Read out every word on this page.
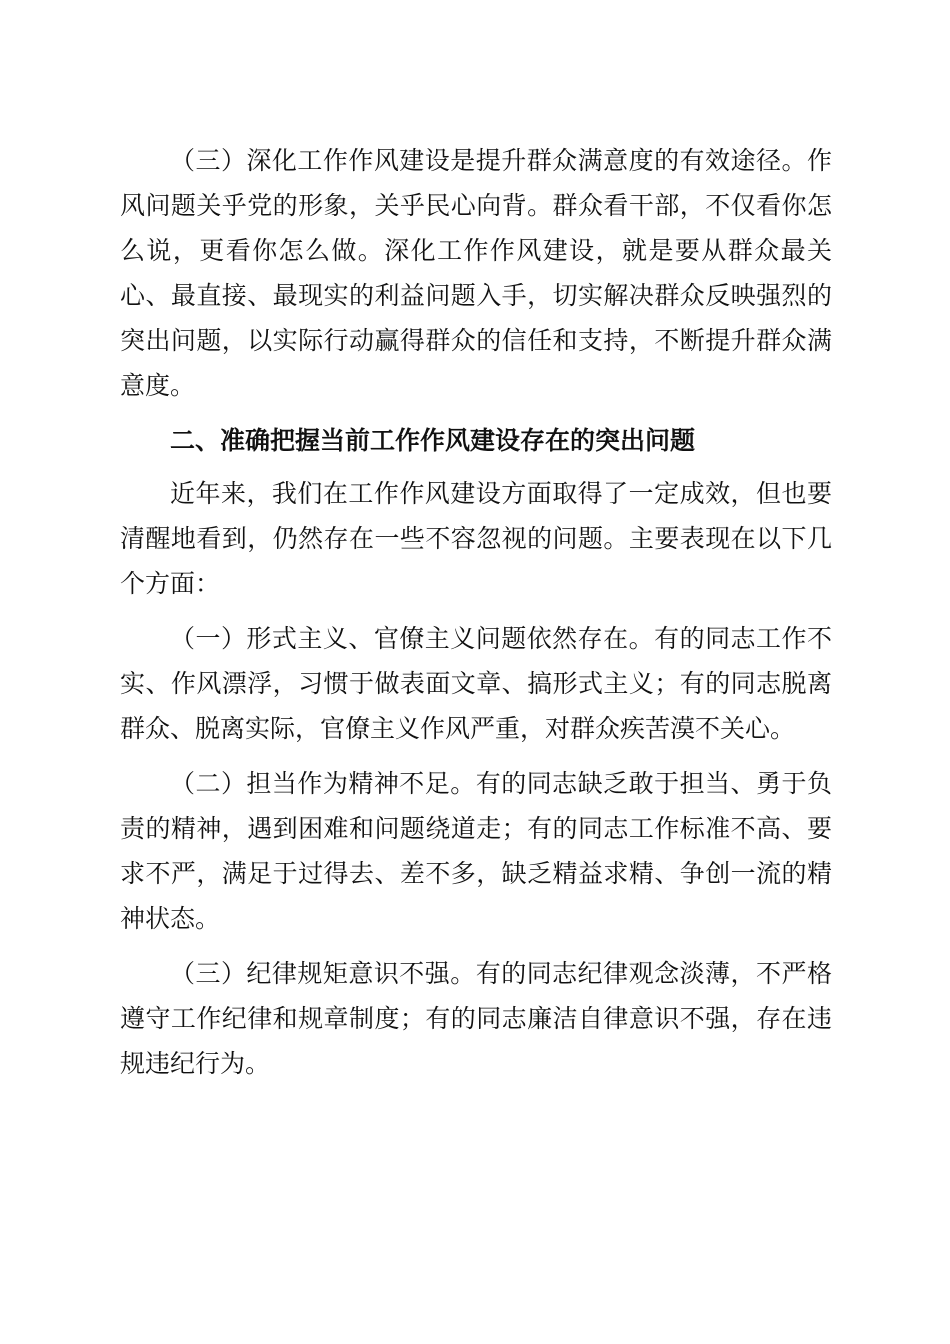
（三）深化工作作风建设是提升群众满意度的有效途径。作风问题关乎党的形象，关乎民心向背。群众看干部，不仅看你怎么说，更看你怎么做。深化工作作风建设，就是要从群众最关心、最直接、最现实的利益问题入手，切实解决群众反映强烈的突出问题，以实际行动赢得群众的信任和支持，不断提升群众满意度。

二、准确把握当前工作作风建设存在的突出问题

近年来，我们在工作作风建设方面取得了一定成效，但也要清醒地看到，仍然存在一些不容忽视的问题。主要表现在以下几个方面：

（一）形式主义、官僚主义问题依然存在。有的同志工作不实、作风漂浮，习惯于做表面文章、搞形式主义；有的同志脱离群众、脱离实际，官僚主义作风严重，对群众疾苦漠不关心。

（二）担当作为精神不足。有的同志缺乏敢于担当、勇于负责的精神，遇到困难和问题绕道走；有的同志工作标准不高、要求不严，满足于过得去、差不多，缺乏精益求精、争创一流的精神状态。

（三）纪律规矩意识不强。有的同志纪律观念淡薄，不严格遵守工作纪律和规章制度；有的同志廉洁自律意识不强，存在违规违纪行为。
